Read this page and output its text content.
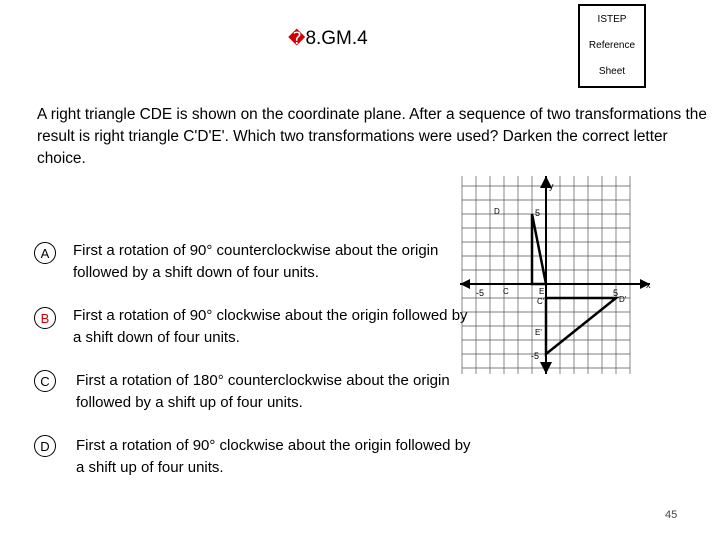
�8.GM.4
ISTEP
Reference
Sheet
A right triangle CDE is shown on the coordinate plane. After a sequence of two transformations the result is right triangle C'D'E'. Which two transformations were used? Darken the correct letter choice.
A	First a rotation of 90° counterclockwise about the origin followed by a shift down of four units.
B	First a rotation of 90° clockwise about the origin followed by a shift down of four units.
C	First a rotation of 180° counterclockwise about the origin followed by a shift up of four units.
D	First a rotation of 90° clockwise about the origin followed by a shift up of four units.
y
x
-5	5
5
-5
D
C	E
C'	D'
E'
45
